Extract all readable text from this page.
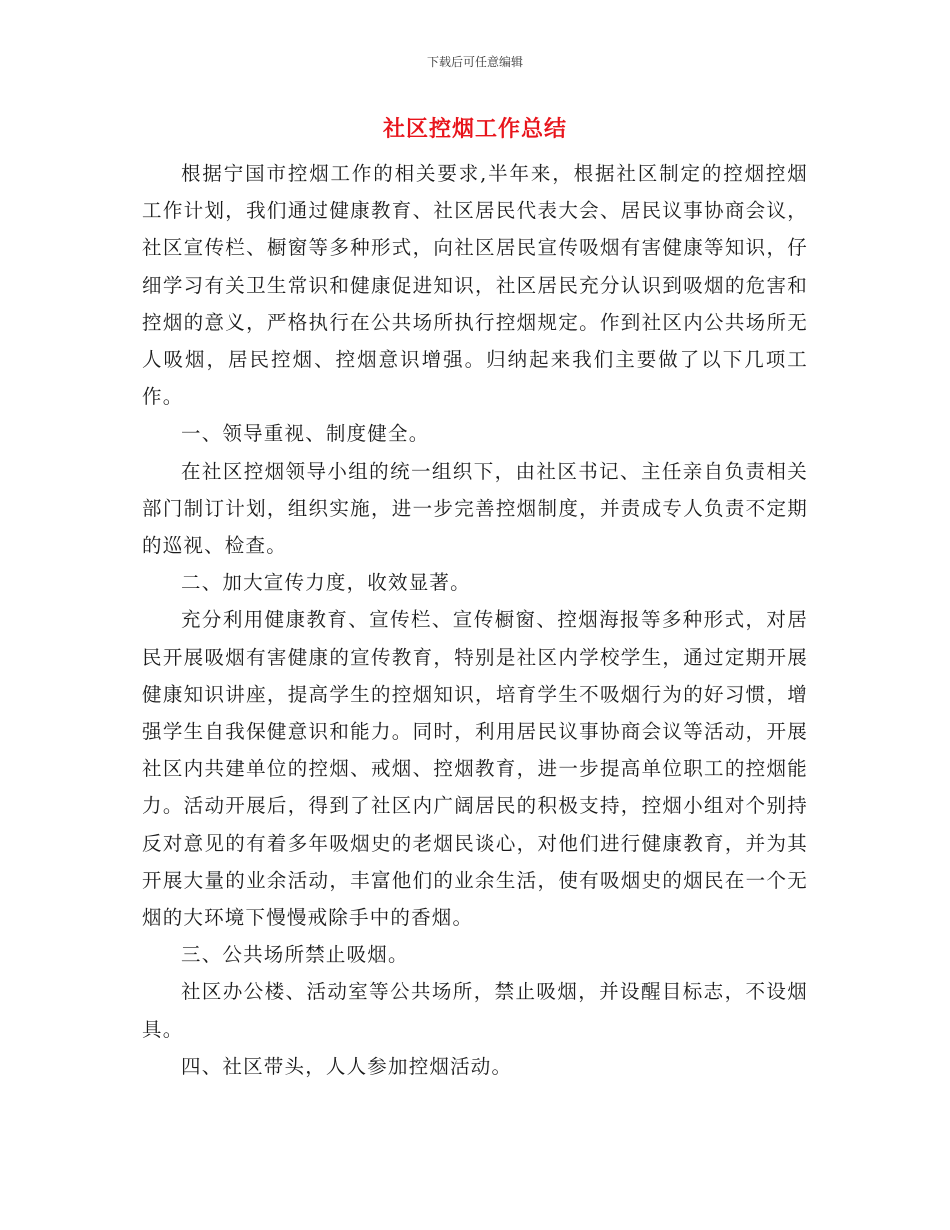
下载后可任意编辑
社区控烟工作总结

根据宁国市控烟工作的相关要求,半年来，根据社区制定的控烟控烟工作计划，我们通过健康教育、社区居民代表大会、居民议事协商会议，社区宣传栏、橱窗等多种形式，向社区居民宣传吸烟有害健康等知识，仔细学习有关卫生常识和健康促进知识，社区居民充分认识到吸烟的危害和控烟的意义，严格执行在公共场所执行控烟规定。作到社区内公共场所无人吸烟，居民控烟、控烟意识增强。归纳起来我们主要做了以下几项工作。

一、领导重视、制度健全。

在社区控烟领导小组的统一组织下，由社区书记、主任亲自负责相关部门制订计划，组织实施，进一步完善控烟制度，并责成专人负责不定期的巡视、检查。

二、加大宣传力度，收效显著。

充分利用健康教育、宣传栏、宣传橱窗、控烟海报等多种形式，对居民开展吸烟有害健康的宣传教育，特别是社区内学校学生，通过定期开展健康知识讲座，提高学生的控烟知识，培育学生不吸烟行为的好习惯，增强学生自我保健意识和能力。同时，利用居民议事协商会议等活动，开展社区内共建单位的控烟、戒烟、控烟教育，进一步提高单位职工的控烟能力。活动开展后，得到了社区内广阔居民的积极支持，控烟小组对个别持反对意见的有着多年吸烟史的老烟民谈心，对他们进行健康教育，并为其开展大量的业余活动，丰富他们的业余生活，使有吸烟史的烟民在一个无烟的大环境下慢慢戒除手中的香烟。

三、公共场所禁止吸烟。

社区办公楼、活动室等公共场所，禁止吸烟，并设醒目标志，不设烟具。

四、社区带头，人人参加控烟活动。
